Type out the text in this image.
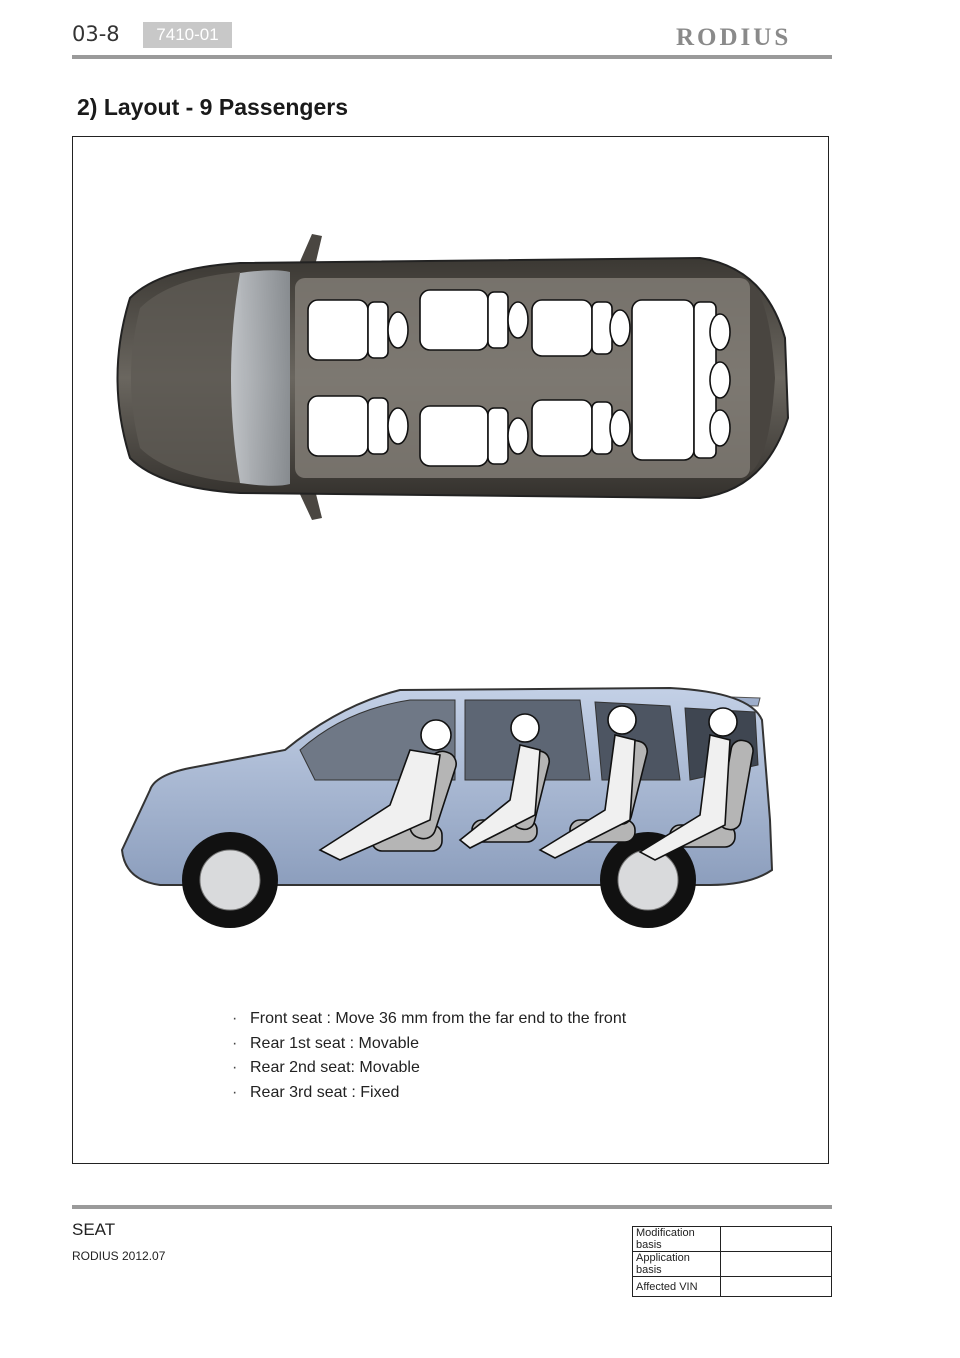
03-8	7410-01	RODIUS
2) Layout - 9 Passengers
· Front seat : Move 36 mm from the far end to the front
· Rear 1st seat : Movable
· Rear 2nd seat: Movable
· Rear 3rd seat : Fixed
SEAT
RODIUS 2012.07
Modification basis	
Application basis	
Affected VIN	
